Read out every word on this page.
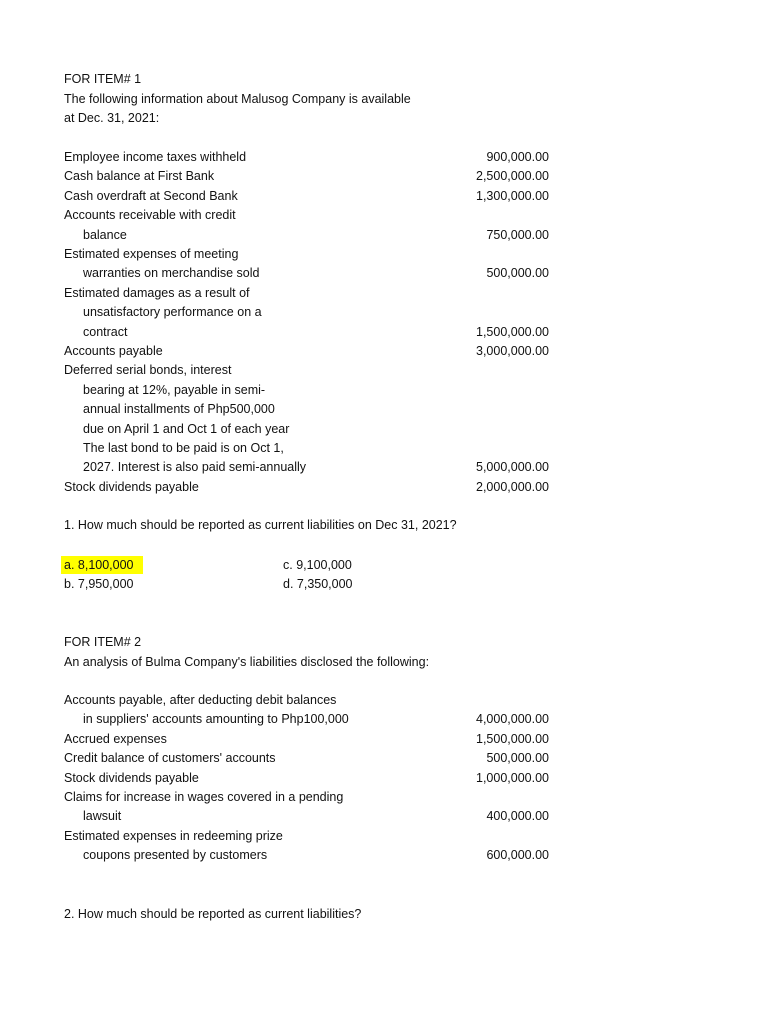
FOR ITEM# 1
The following information about Malusog Company is available
at Dec. 31, 2021:
Employee income taxes withheld
Cash balance at First Bank
Cash overdraft at Second Bank
Accounts receivable with credit
balance
Estimated expenses of meeting
warranties on merchandise sold
Estimated damages as a result of
unsatisfactory performance on a
contract
Accounts payable
Deferred serial bonds, interest
bearing at 12%, payable in semi-
annual installments of Php500,000
due on April 1 and Oct 1 of each year
The last bond to be paid is on Oct 1,
2027. Interest is also paid semi-annually
Stock dividends payable
900,000.00
2,500,000.00
1,300,000.00
750,000.00
500,000.00
1,500,000.00
3,000,000.00
5,000,000.00
2,000,000.00
1. How much should be reported as current liabilities on Dec 31, 2021?
a. 8,100,000
b. 7,950,000
c. 9,100,000
d. 7,350,000
FOR ITEM# 2
An analysis of Bulma Company's liabilities disclosed the following:
Accounts payable, after deducting debit balances
in suppliers' accounts amounting to Php100,000
Accrued expenses
Credit balance of customers' accounts
Stock dividends payable
Claims for increase in wages covered in a pending
lawsuit
Estimated expenses in redeeming prize
coupons presented by customers
4,000,000.00
1,500,000.00
500,000.00
1,000,000.00
400,000.00
600,000.00
2. How much should be reported as current liabilities?
